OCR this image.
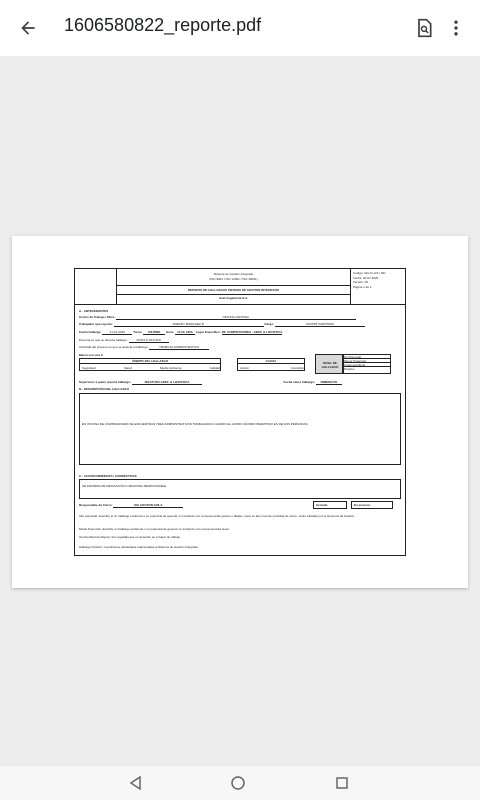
1606580822_reporte.pdf
Sistema de Gestión Integrado
(ISO 9001 / ISO 14001 / ISO 45001)
REPORTE DE HALLAZGOS SISTEMA DE GESTION INTEGRADO
Aceri Ingeniería S.A.
Código: SGI-Fr-HS / 001
Fecha: 20-07-2020
Versión: 00
Página 1 de 1
A.- ANTECEDENTES
Centro de Trabajo / Obra:	OFICINA CENTRAL
Trabajador que reporta:	FREDDY MARQUEZ B.	Cargo:	COMITÉ PARITARIO
Fecha hallazgo:	21-10-2020	Turno: DIURNO Hora: 11:00_HRS Lugar Específico: DF. COMPRADORES - ABST. & LOGISTICA
Persona en que se detecta hallazgo:	VISITA A OFICINA
Actividad del proceso en que se detecta el hallazgo:	TRABAJO ADMINISTRATIVO
Marca con una X
ÁMBITO DEL HALLAZGO
Seguridad	Salud	Medio Ambiente	Calidad
CAUSA
Acción	Condición
NIVEL DE HALLAZGO
No Potencial
Menor Potencial
Cuasi accidente
Positivo
Supervisor a quien reporta hallazgo:	JEFATURA ABST. & LOGISTICA	Fecha cierre hallazgo: INMEDIATO
B.- DESCRIPCIÓN DEL HALLAZGO
EN OFICINA DE COMPRADORES SE ENCUENTRAN TRES ADMINISTRATIVOS TRABAJANDO CUANDO EL AFORO MÁXIMO PERMITIDO ES DE DOS PERSONAS
C.- ACCION INMEDIATA / CORRECTIVAS
SE INFORMA DE DESVIACIÓN A JEFATURA RESPONSABLE
Responsable de Cierre:	DR. HECTOR AVILA	Cerrado	En proceso
Alto potencial: describe si un hallazgo evidencia o su potencial de generar un incidente con consecuencias graves o fatales, tiene su alto nivel de prioridad de cierre, serán tratadas por la Gerencia de Gestión.
Medio Potencial: describe un hallazgo evidencia o su potencial de generar un incidente con consecuencias leves.
Oportunidad de Mejora: Son aquellas que no detectan en el lugar de trabajo.
Hallazgo Positivo: Condiciones destacadas relacionadas al Sistema de Gestión Integrado.
